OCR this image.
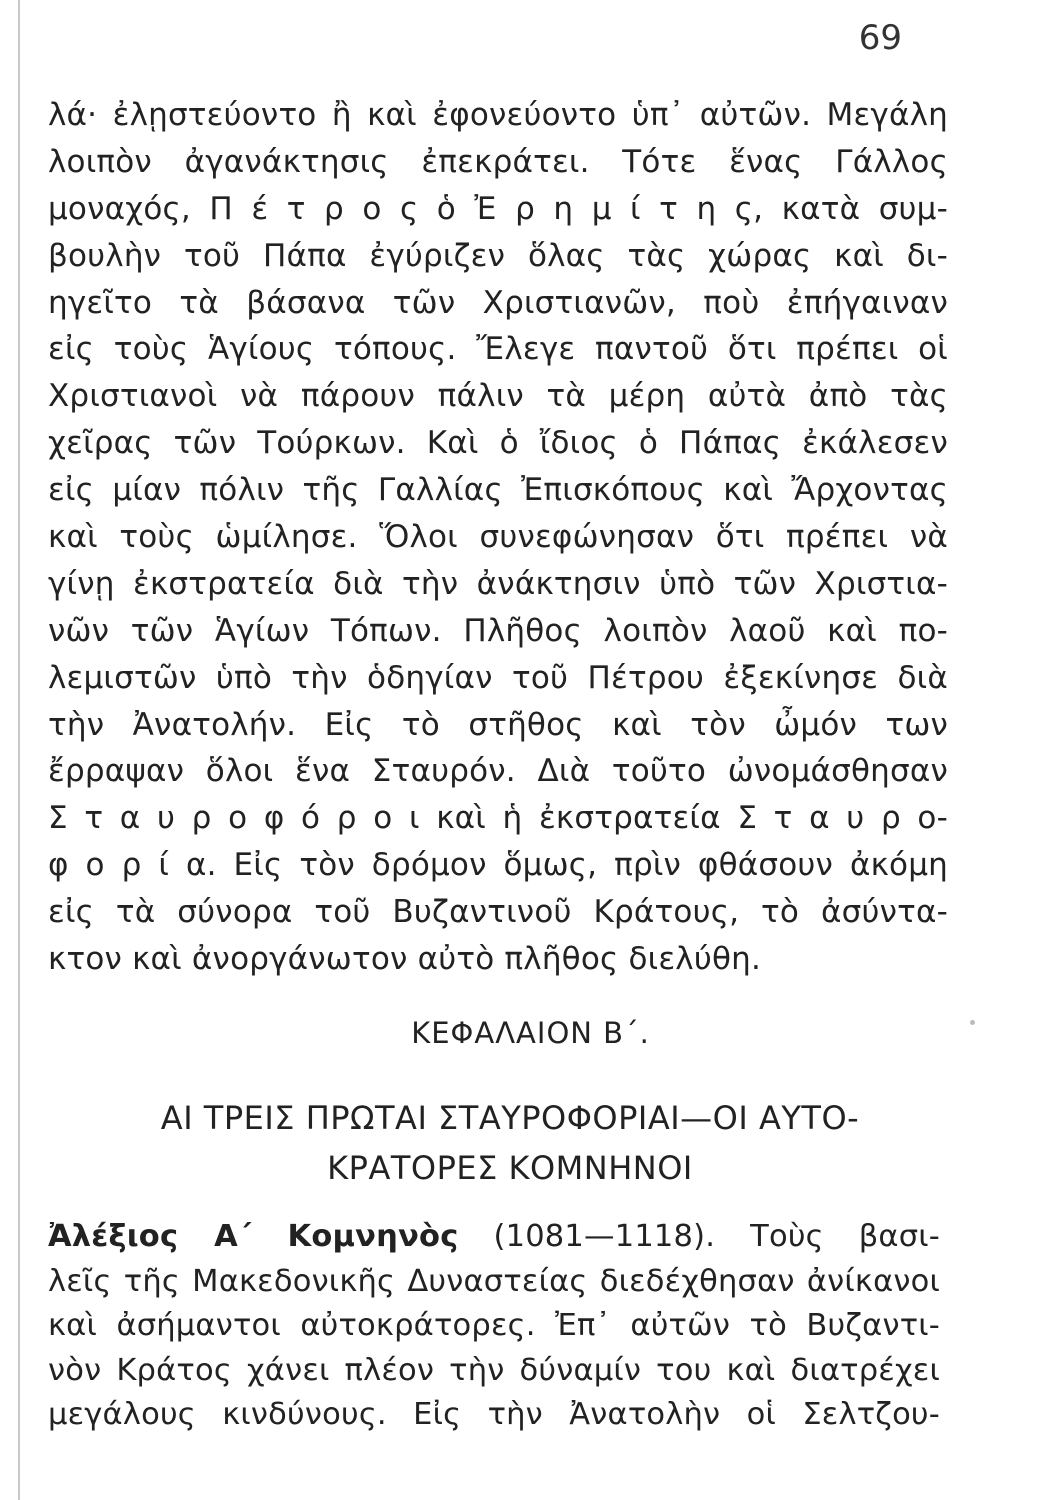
69
λά· ἐλῃστεύοντο ἢ καὶ ἐφονεύοντο ὑπ᾽ αὐτῶν. Μεγάλη
λοιπὸν ἀγανάκτησις ἐπεκράτει. Τότε ἕνας Γάλλος
μοναχός, Π έ τ ρ ο ς ὁ Ἐ ρ η μ ί τ η ς, κατὰ συμ-
βουλὴν τοῦ Πάπα ἐγύριζεν ὅλας τὰς χώρας καὶ δι-
ηγεῖτο τὰ βάσανα τῶν Χριστιανῶν, ποὺ ἐπήγαιναν
εἰς τοὺς Ἁγίους τόπους. Ἔλεγε παντοῦ ὅτι πρέπει οἱ
Χριστιανοὶ νὰ πάρουν πάλιν τὰ μέρη αὐτὰ ἀπὸ τὰς
χεῖρας τῶν Τούρκων. Καὶ ὁ ἴδιος ὁ Πάπας ἐκάλεσεν
εἰς μίαν πόλιν τῆς Γαλλίας Ἐπισκόπους καὶ Ἄρχοντας
καὶ τοὺς ὡμίλησε. Ὅλοι συνεφώνησαν ὅτι πρέπει νὰ
γίνῃ ἐκστρατεία διὰ τὴν ἀνάκτησιν ὑπὸ τῶν Χριστια-
νῶν τῶν Ἁγίων Τόπων. Πλῆθος λοιπὸν λαοῦ καὶ πο-
λεμιστῶν ὑπὸ τὴν ὁδηγίαν τοῦ Πέτρου ἐξεκίνησε διὰ
τὴν Ἀνατολήν. Εἰς τὸ στῆθος καὶ τὸν ὦμόν των
ἔρραψαν ὅλοι ἕνα Σταυρόν. Διὰ τοῦτο ὠνομάσθησαν
Σ τ α υ ρ ο φ ό ρ ο ι καὶ ἡ ἐκστρατεία Σ τ α υ ρ ο-
φ ο ρ ί α. Εἰς τὸν δρόμον ὅμως, πρὶν φθάσουν ἀκόμη
εἰς τὰ σύνορα τοῦ Βυζαντινοῦ Κράτους, τὸ ἀσύντα-
κτον καὶ ἀνοργάνωτον αὐτὸ πλῆθος διελύθη.
ΚΕΦΑΛΑΙΟΝ Β΄.
ΑΙ ΤΡΕΙΣ ΠΡΩΤΑΙ ΣΤΑΥΡΟΦΟΡΙΑΙ—ΟΙ ΑΥΤΟ-
ΚΡΑΤΟΡΕΣ ΚΟΜΝΗΝΟΙ
Ἀλέξιος Α΄ Κομνηνὸς (1081—1118). Τοὺς βασι-
λεῖς τῆς Μακεδονικῆς Δυναστείας διεδέχθησαν ἀνίκανοι
καὶ ἀσήμαντοι αὐτοκράτορες. Ἐπ᾽ αὐτῶν τὸ Βυζαντι-
νὸν Κράτος χάνει πλέον τὴν δύναμίν του καὶ διατρέχει
μεγάλους κινδύνους. Εἰς τὴν Ἀνατολὴν οἱ Σελτζου-
